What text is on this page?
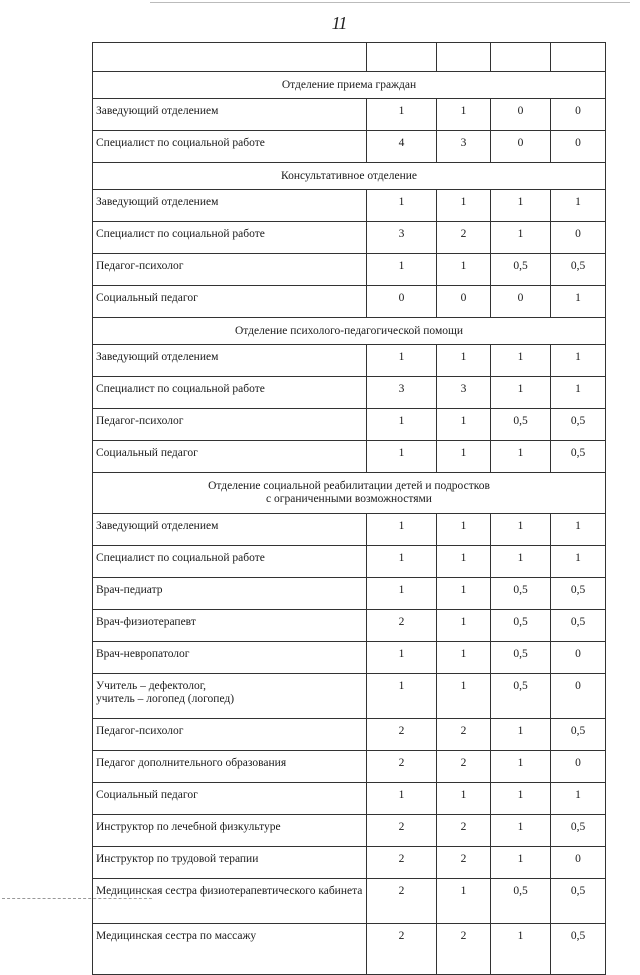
11

Отделение приема граждан				
Заведующий отделением	1	1	0	0
Специалист по социальной работе	4	3	0	0
Консультативное отделение				
Заведующий отделением	1	1	1	1
Специалист по социальной работе	3	2	1	0
Педагог-психолог	1	1	0,5	0,5
Социальный педагог	0	0	0	1
Отделение психолого-педагогической помощи				
Заведующий отделением	1	1	1	1
Специалист по социальной работе	3	3	1	1
Педагог-психолог	1	1	0,5	0,5
Социальный педагог	1	1	1	0,5

Отделение социальной реабилитации детей и подростков
с ограниченными возможностями				

Заведующий отделением	1	1	1	1
Специалист по социальной работе	1	1	1	1
Врач-педиатр	1	1	0,5	0,5
Врач-физиотерапевт	2	1	0,5	0,5
Врач-невропатолог	1	1	0,5	0

Учитель – дефектолог,
учитель – логопед (логопед)	1	1	0,5	0
Педагог-психолог	2	2	1	0,5
Педагог дополнительного образования	2	2	1	0
Социальный педагог	1	1	1	1
Инструктор по лечебной физкультуре	2	2	1	0,5
Инструктор по трудовой терапии	2	2	1	0
Медицинская сестра физиотерапевтического кабинета	2	1	0,5	0,5
Медицинская сестра по массажу	2	2	1	0,5
